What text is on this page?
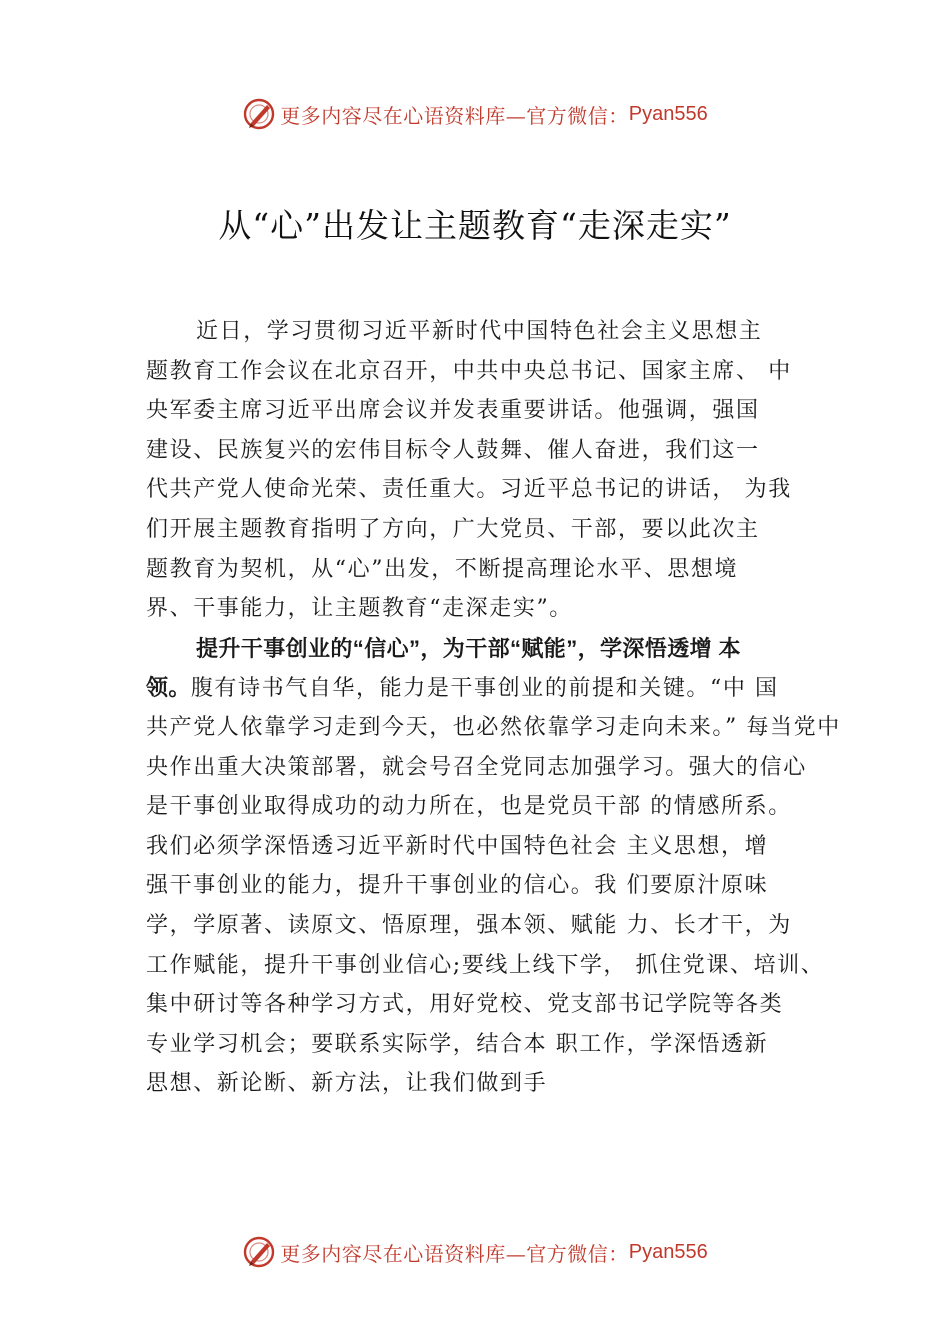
更多内容尽在心语资料库—官方微信： Pyan556
从“心”出发让主题教育“走深走实”
近日，学习贯彻习近平新时代中国特色社会主义思想主
题教育工作会议在北京召开，中共中央总书记、国家主席、 中
央军委主席习近平出席会议并发表重要讲话。他强调，强国
建设、民族复兴的宏伟目标令人鼓舞、催人奋进，我们这一
代共产党人使命光荣、责任重大。习近平总书记的讲话， 为我
们开展主题教育指明了方向，广大党员、干部，要以此次主
题教育为契机，从“心”出发，不断提高理论水平、思想境
界、干事能力，让主题教育“走深走实”。
提升干事创业的“信心”，为干部“赋能”，学深悟透增 本
领。腹有诗书气自华，能力是干事创业的前提和关键。“中 国
共产党人依靠学习走到今天，也必然依靠学习走向未来。” 每当党中
央作出重大决策部署，就会号召全党同志加强学习。强大的信心
是干事创业取得成功的动力所在，也是党员干部 的情感所系。
我们必须学深悟透习近平新时代中国特色社会 主义思想，增
强干事创业的能力，提升干事创业的信心。我 们要原汁原味
学，学原著、读原文、悟原理，强本领、赋能 力、长才干，为
工作赋能，提升干事创业信心;要线上线下学， 抓住党课、培训、
集中研讨等各种学习方式，用好党校、党支部书记学院等各类
专业学习机会；要联系实际学，结合本 职工作，学深悟透新
思想、新论断、新方法，让我们做到手
更多内容尽在心语资料库—官方微信： Pyan556
